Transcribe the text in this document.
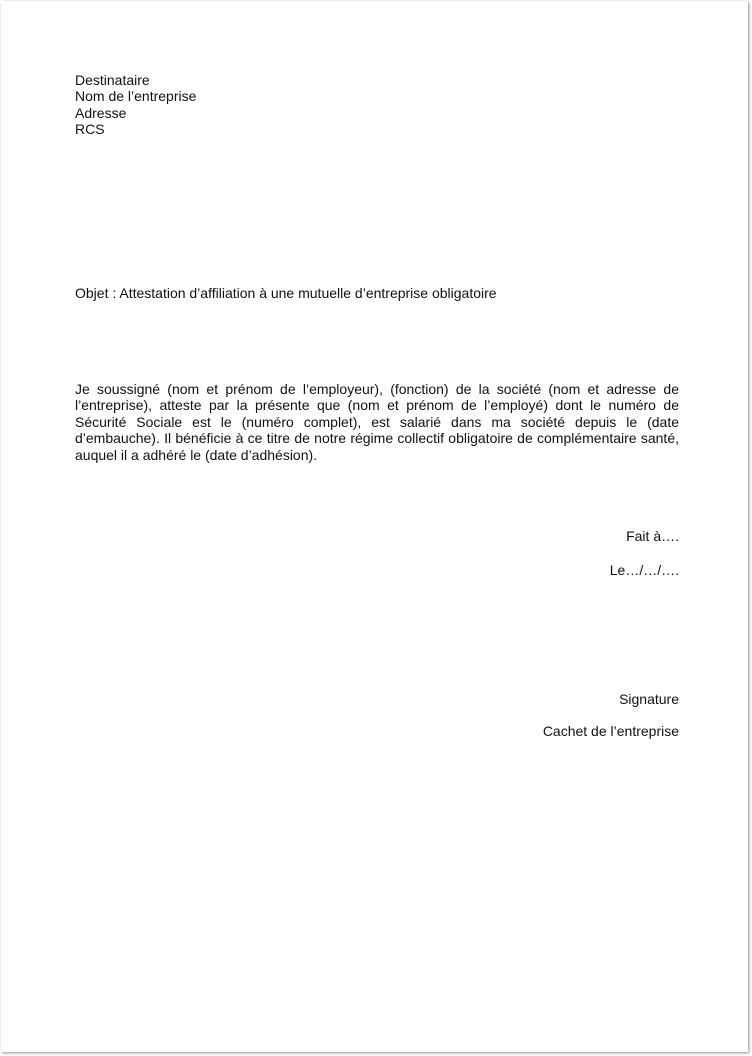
Destinataire
Nom de l’entreprise
Adresse
RCS
Objet : Attestation d’affiliation à une mutuelle d’entreprise obligatoire
Je soussigné (nom et prénom de l’employeur), (fonction) de la société (nom et adresse de l’entreprise), atteste par la présente que (nom et prénom de l’employé) dont le numéro de Sécurité Sociale est le (numéro complet), est salarié dans ma société depuis le (date d’embauche). Il bénéficie à ce titre de notre régime collectif obligatoire de complémentaire santé, auquel il a adhéré le (date d’adhésion).
Fait à….
Le…/…/….
Signature
Cachet de l’entreprise
